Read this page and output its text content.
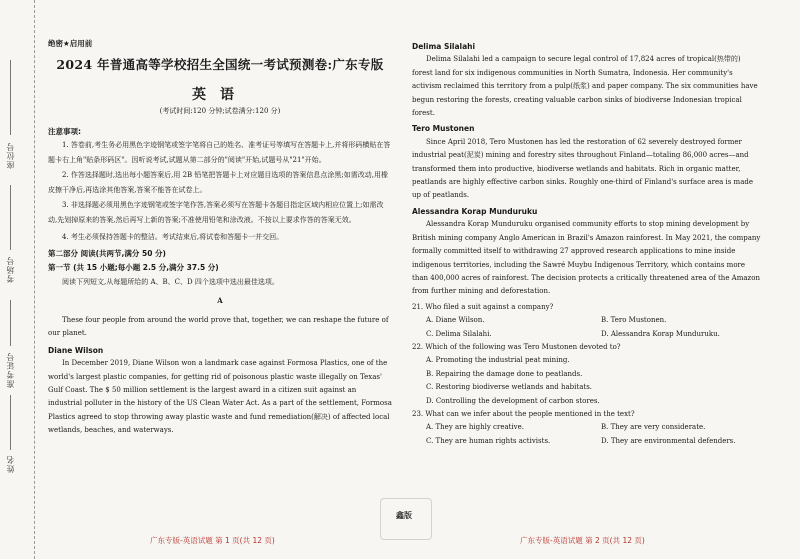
座位号
考场号
准考证号
姓名
绝密★启用前
2024 年普通高等学校招生全国统一考试预测卷:广东专版
英语
(考试时间:120 分钟;试卷满分:120 分)

注意事项:

1. 答卷前,考生务必用黑色字迹钢笔或签字笔将自己的姓名、准考证号等填写在答题卡上,并将形码横贴在答题卡右上角"贴条形码区"。因听说考试,试题从第二部分的"阅读"开始,试题号从"21"开始。

2. 作答选择题时,选出每小题答案后,用 2B 铅笔把答题卡上对应题目选项的答案信息点涂黑;如需改动,用橡皮擦干净后,再选涂其他答案,答案不能答在试卷上。

3. 非选择题必须用黑色字迹钢笔或签字笔作答,答案必须写在答题卡各题目指定区域内相应位置上;如需改动,先划掉原来的答案,然后再写上新的答案;不准使用铅笔和涂改液。不按以上要求作答的答案无效。

4. 考生必须保持答题卡的整洁。考试结束后,将试卷和答题卡一并交回。

第二部分 阅读(共两节,满分 50 分)

第一节 (共 15 小题;每小题 2.5 分,满分 37.5 分)

阅读下列短文,从每题所给的 A、B、C、D 四个选项中选出最佳选项。

A

These four people from around the world prove that, together, we can reshape the future of our planet.

Diane Wilson

In December 2019, Diane Wilson won a landmark case against Formosa Plastics, one of the world's largest plastic companies, for getting rid of poisonous plastic waste illegally on Texas' Gulf Coast. The $ 50 million settlement is the largest award in a citizen suit against an industrial polluter in the history of the US Clean Water Act. As a part of the settlement, Formosa Plastics agreed to stop throwing away plastic waste and fund remediation(解决) of affected local wetlands, beaches, and waterways.

Delima Silalahi

Delima Silalahi led a campaign to secure legal control of 17,824 acres of tropical(热带的) forest land for six indigenous communities in North Sumatra, Indonesia. Her community's activism reclaimed this territory from a pulp(纸浆) and paper company. The six communities have begun restoring the forests, creating valuable carbon sinks of biodiverse Indonesian tropical forest.

Tero Mustonen

Since April 2018, Tero Mustonen has led the restoration of 62 severely destroyed former industrial peat(泥炭) mining and forestry sites throughout Finland—totaling 86,000 acres—and transformed them into productive, biodiverse wetlands and habitats. Rich in organic matter, peatlands are highly effective carbon sinks. Roughly one-third of Finland's surface area is made up of peatlands.

Alessandra Korap Munduruku

Alessandra Korap Munduruku organised community efforts to stop mining development by British mining company Anglo American in Brazil's Amazon rainforest. In May 2021, the company formally committed itself to withdrawing 27 approved research applications to mine inside indigenous territories, including the Sawré Muybu Indigenous Territory, which contains more than 400,000 acres of rainforest. The decision protects a critically threatened area of the Amazon from further mining and deforestation.

21. Who filed a suit against a company?

A. Diane Wilson.	B. Tero Mustonen.
C. Delima Silalahi.	D. Alessandra Korap Munduruku.

22. Which of the following was Tero Mustonen devoted to?

A. Promoting the industrial peat mining.

B. Repairing the damage done to peatlands.

C. Restoring biodiverse wetlands and habitats.

D. Controlling the development of carbon stores.

23. What can we infer about the people mentioned in the text?

A. They are highly creative.	B. They are very considerate.
C. They are human rights activists.	D. They are environmental defenders.
鑫版
广东专版-英语试题 第 1 页(共 12 页)	广东专版-英语试题 第 2 页(共 12 页)
